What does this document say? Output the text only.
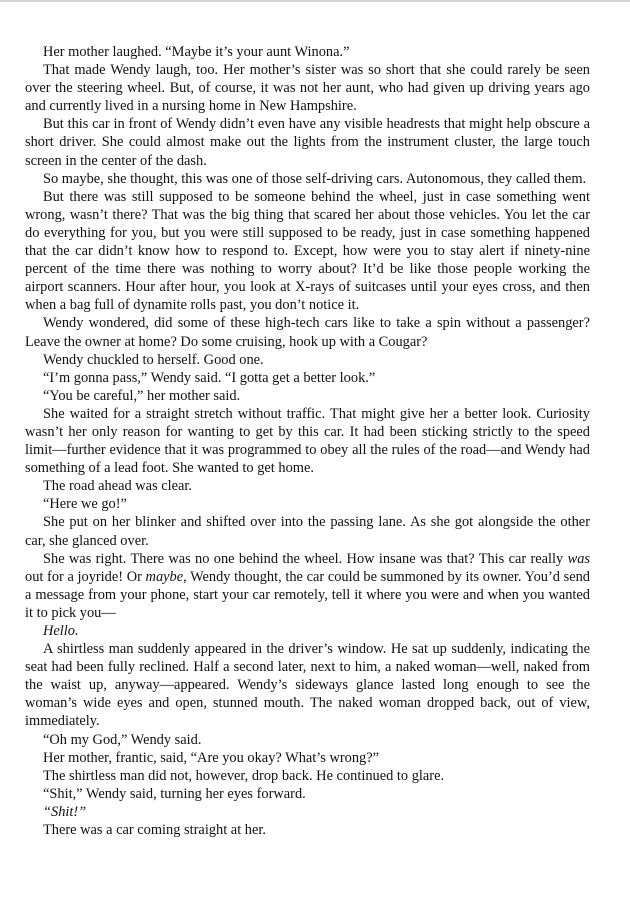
Her mother laughed. “Maybe it’s your aunt Winona.”

That made Wendy laugh, too. Her mother’s sister was so short that she could rarely be seen over the steering wheel. But, of course, it was not her aunt, who had given up driving years ago and currently lived in a nursing home in New Hampshire.

But this car in front of Wendy didn’t even have any visible headrests that might help obscure a short driver. She could almost make out the lights from the instrument cluster, the large touch screen in the center of the dash.

So maybe, she thought, this was one of those self-driving cars. Autonomous, they called them.

But there was still supposed to be someone behind the wheel, just in case something went wrong, wasn’t there? That was the big thing that scared her about those vehicles. You let the car do everything for you, but you were still supposed to be ready, just in case something happened that the car didn’t know how to respond to. Except, how were you to stay alert if ninety-nine percent of the time there was nothing to worry about? It’d be like those people working the airport scanners. Hour after hour, you look at X-rays of suitcases until your eyes cross, and then when a bag full of dynamite rolls past, you don’t notice it.

Wendy wondered, did some of these high-tech cars like to take a spin without a passenger? Leave the owner at home? Do some cruising, hook up with a Cougar?

Wendy chuckled to herself. Good one.

“I’m gonna pass,” Wendy said. “I gotta get a better look.”

“You be careful,” her mother said.

She waited for a straight stretch without traffic. That might give her a better look. Curiosity wasn’t her only reason for wanting to get by this car. It had been sticking strictly to the speed limit—further evidence that it was programmed to obey all the rules of the road—and Wendy had something of a lead foot. She wanted to get home.

The road ahead was clear.

“Here we go!”

She put on her blinker and shifted over into the passing lane. As she got alongside the other car, she glanced over.

She was right. There was no one behind the wheel. How insane was that? This car really was out for a joyride! Or maybe, Wendy thought, the car could be summoned by its owner. You’d send a message from your phone, start your car remotely, tell it where you were and when you wanted it to pick you—

Hello.

A shirtless man suddenly appeared in the driver’s window. He sat up suddenly, indicating the seat had been fully reclined. Half a second later, next to him, a naked woman—well, naked from the waist up, anyway—appeared. Wendy’s sideways glance lasted long enough to see the woman’s wide eyes and open, stunned mouth. The naked woman dropped back, out of view, immediately.

“Oh my God,” Wendy said.

Her mother, frantic, said, “Are you okay? What’s wrong?”

The shirtless man did not, however, drop back. He continued to glare.

“Shit,” Wendy said, turning her eyes forward.

“Shit!”

There was a car coming straight at her.
